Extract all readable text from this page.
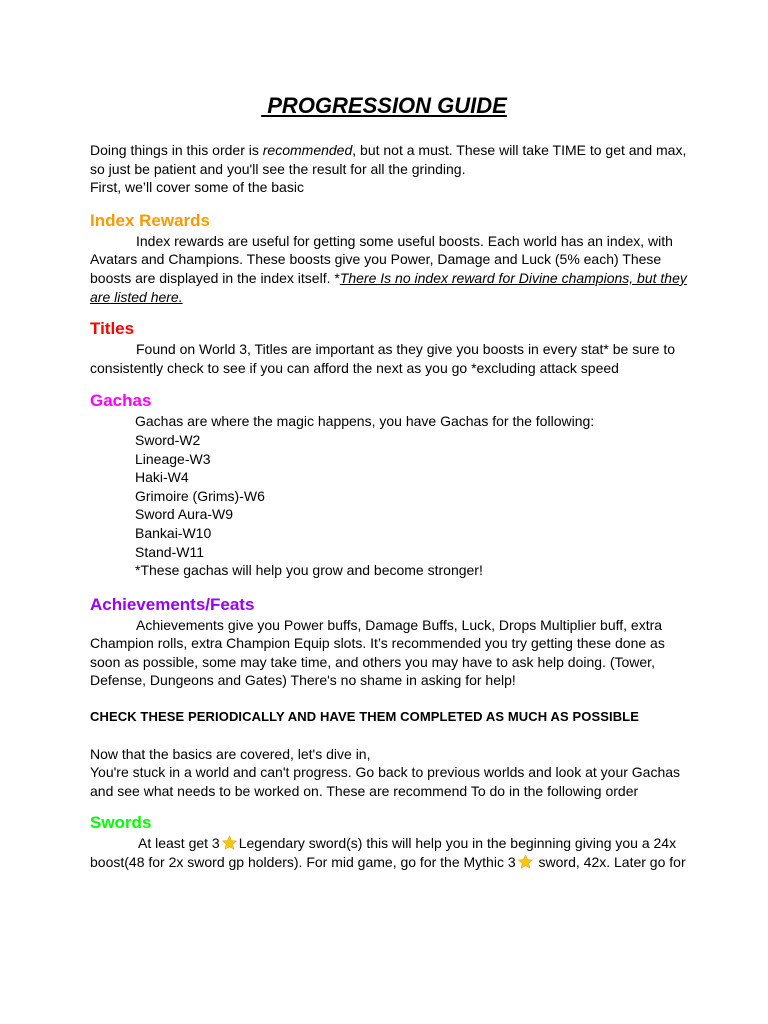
PROGRESSION GUIDE

Doing things in this order is recommended, but not a must. These will take TIME to get and max, so just be patient and you'll see the result for all the grinding.

First, we’ll cover some of the basic

Index Rewards

Index rewards are useful for getting some useful boosts. Each world has an index, with Avatars and Champions. These boosts give you Power, Damage and Luck (5% each) These boosts are displayed in the index itself. *There Is no index reward for Divine champions, but they are listed here.

Titles

Found on World 3, Titles are important as they give you boosts in every stat* be sure to consistently check to see if you can afford the next as you go *excluding attack speed

Gachas
Gachas are where the magic happens, you have Gachas for the following:
Sword-W2
Lineage-W3
Haki-W4
Grimoire (Grims)-W6
Sword Aura-W9
Bankai-W10
Stand-W11
*These gachas will help you grow and become stronger!
Achievements/Feats

Achievements give you Power buffs, Damage Buffs, Luck, Drops Multiplier buff, extra Champion rolls, extra Champion Equip slots. It’s recommended you try getting these done as soon as possible, some may take time, and others you may have to ask help doing. (Tower, Defense, Dungeons and Gates) There's no shame in asking for help!

CHECK THESE PERIODICALLY AND HAVE THEM COMPLETED AS MUCH AS POSSIBLE

Now that the basics are covered, let's dive in,

You're stuck in a world and can't progress. Go back to previous worlds and look at your Gachas and see what needs to be worked on. These are recommend To do in the following order

Swords

At least get 3 Legendary sword(s) this will help you in the beginning giving you a 24x boost(48 for 2x sword gp holders). For mid game, go for the Mythic 3 sword, 42x. Later go for
